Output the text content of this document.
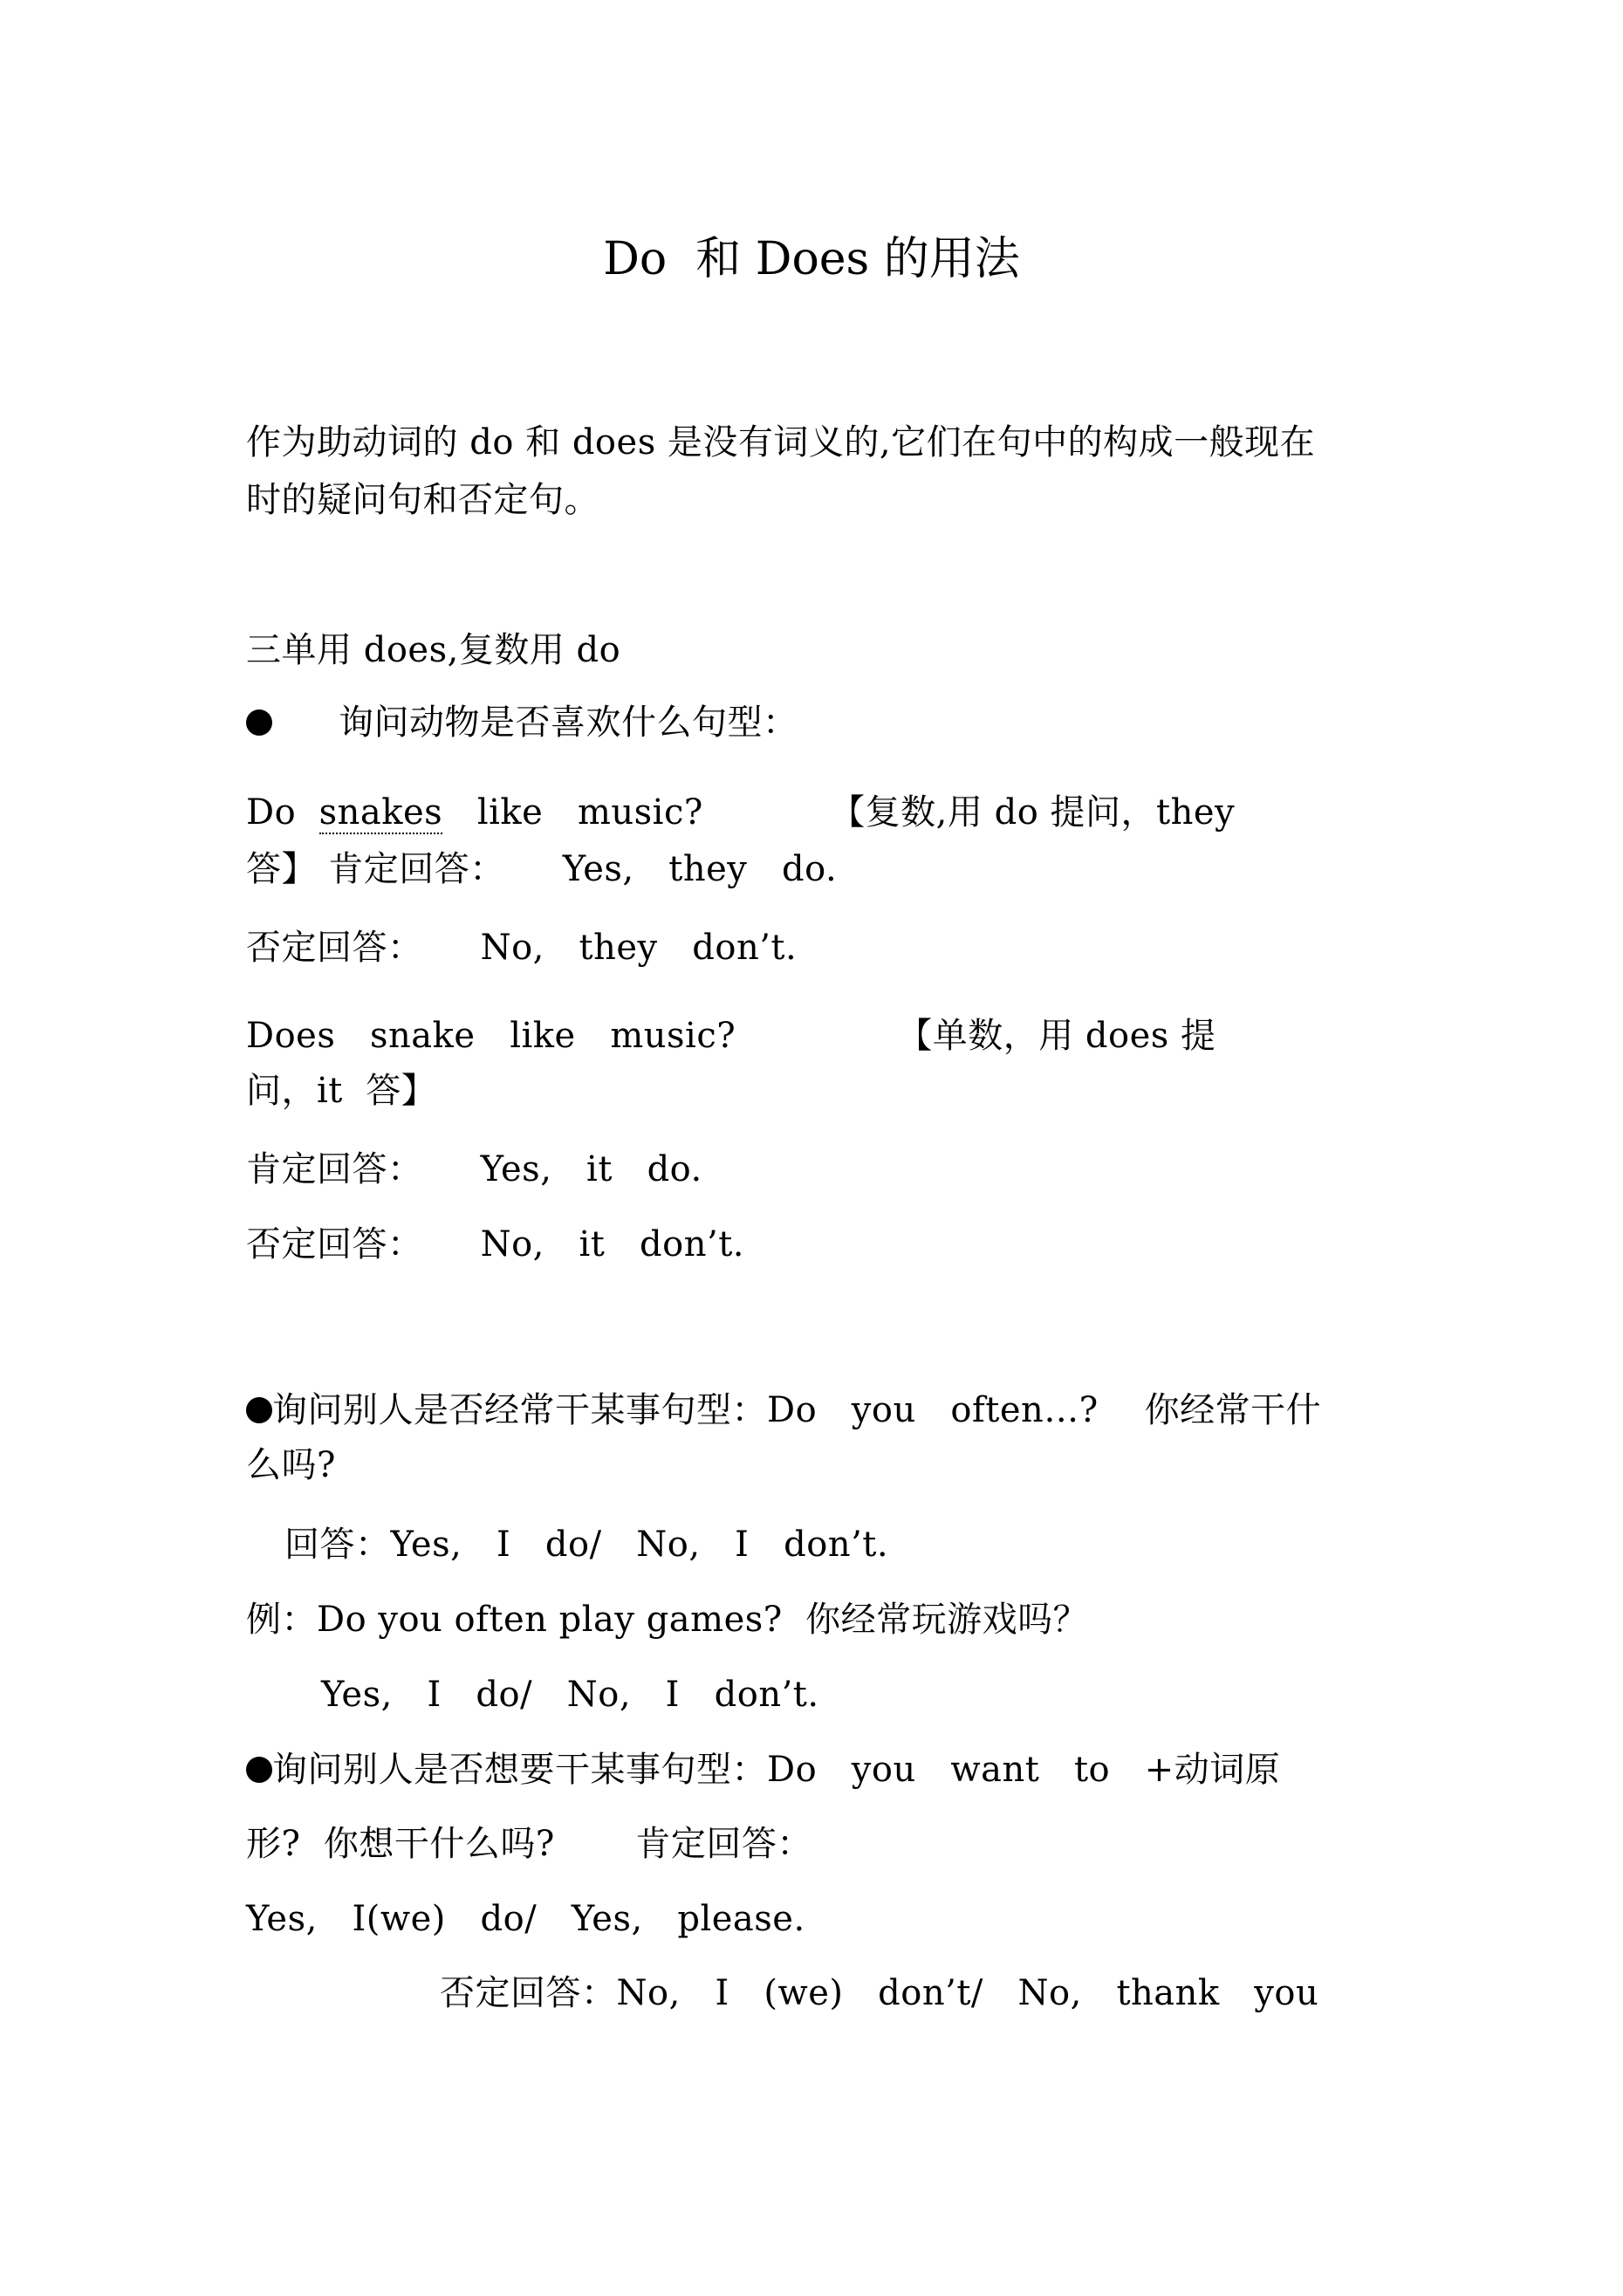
Do  和 Does 的用法
作为助动词的 do 和 does 是没有词义的,它们在句中的构成一般现在
时的疑问句和否定句。
三单用 does,复数用 do
询问动物是否喜欢什么句型：
Do  snakes   like   music?           【复数,用 do 提问，they
答】 肯定回答：     Yes,   they   do.
否定回答：     No,   they   don’t.
Does   snake   like   music?              【单数，用 does 提
问，it  答】
肯定回答：     Yes,   it   do.
否定回答：     No,   it   don’t.
询问别人是否经常干某事句型：Do   you   often…?    你经常干什
么吗?
回答：Yes,   I   do/   No,   I   don’t.
例：Do you often play games?  你经常玩游戏吗？
Yes,   I   do/   No,   I   don’t.
询问别人是否想要干某事句型：Do   you   want   to   +动词原
形?  你想干什么吗?       肯定回答：
Yes,   I(we)   do/   Yes,   please.
否定回答：No,   I   (we)   don’t/   No,   thank   you
